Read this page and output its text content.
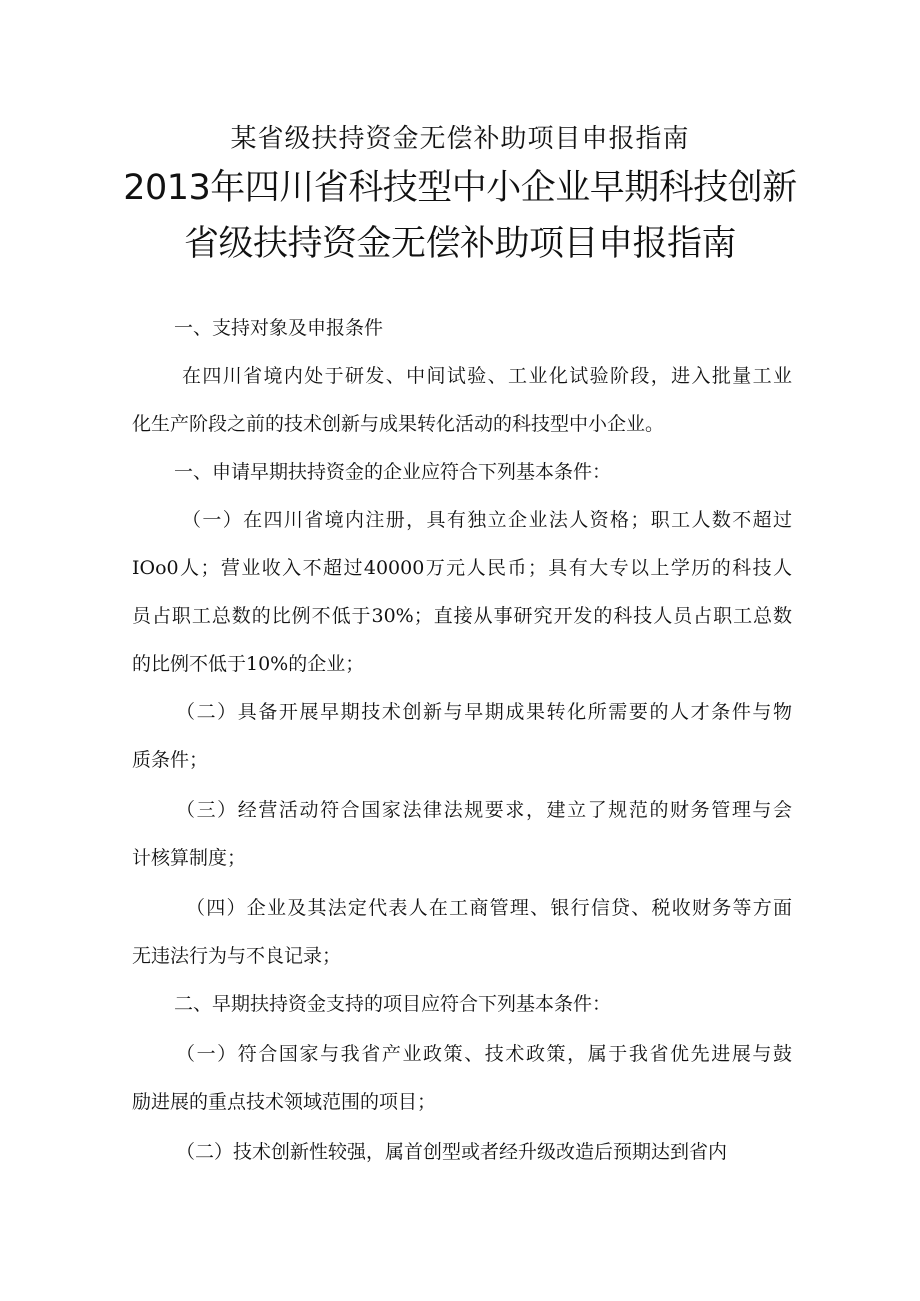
某省级扶持资金无偿补助项目申报指南
2013年四川省科技型中小企业早期科技创新
省级扶持资金无偿补助项目申报指南

一、支持对象及申报条件

在四川省境内处于研发、中间试验、工业化试验阶段，进入批量工业

化生产阶段之前的技术创新与成果转化活动的科技型中小企业。

一、申请早期扶持资金的企业应符合下列基本条件：

（一）在四川省境内注册，具有独立企业法人资格；职工人数不超过

IOo0人；营业收入不超过40000万元人民币；具有大专以上学历的科技人

员占职工总数的比例不低于30%；直接从事研究开发的科技人员占职工总数

的比例不低于10%的企业；

（二）具备开展早期技术创新与早期成果转化所需要的人才条件与物

质条件；

（三）经营活动符合国家法律法规要求，建立了规范的财务管理与会

计核算制度；

（四）企业及其法定代表人在工商管理、银行信贷、税收财务等方面

无违法行为与不良记录；

二、早期扶持资金支持的项目应符合下列基本条件：

（一）符合国家与我省产业政策、技术政策，属于我省优先进展与鼓

励进展的重点技术领域范围的项目；

（二）技术创新性较强，属首创型或者经升级改造后预期达到省内
